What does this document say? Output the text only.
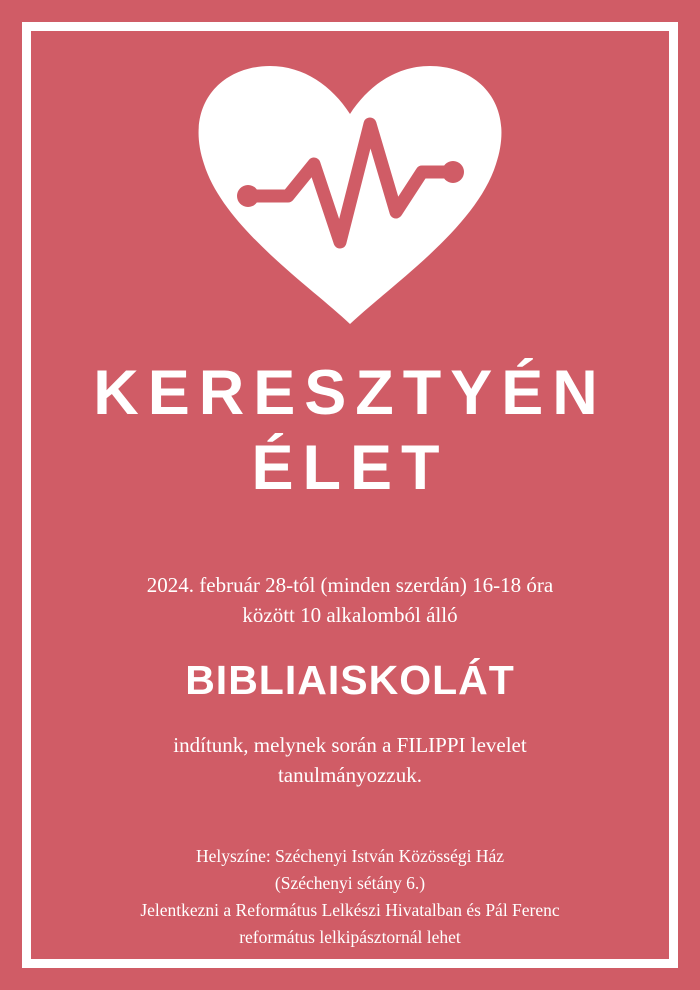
KERESZTYÉN
ÉLET
2024. február 28-tól (minden szerdán) 16-18 óra
között 10 alkalomból álló
BIBLIAISKOLÁT
indítunk, melynek során a FILIPPI levelet
tanulmányozzuk.
Helyszíne: Széchenyi István Közösségi Ház
(Széchenyi sétány 6.)
Jelentkezni a Református Lelkészi Hivatalban és Pál Ferenc
református lelkipásztornál lehet
